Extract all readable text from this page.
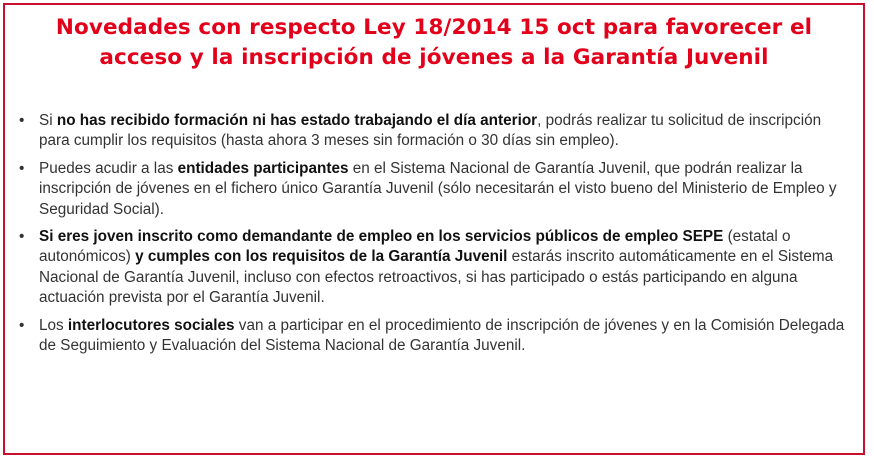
Novedades con respecto Ley 18/2014 15 oct para favorecer el
acceso y la inscripción de jóvenes a la Garantía Juvenil
• Si no has recibido formación ni has estado trabajando el día anterior, podrás realizar tu solicitud de inscripción para cumplir los requisitos (hasta ahora 3 meses sin formación o 30 días sin empleo).
• Puedes acudir a las entidades participantes en el Sistema Nacional de Garantía Juvenil, que podrán realizar la inscripción de jóvenes en el fichero único Garantía Juvenil (sólo necesitarán el visto bueno del Ministerio de Empleo y Seguridad Social).
• Si eres joven inscrito como demandante de empleo en los servicios públicos de empleo SEPE (estatal o autonómicos) y cumples con los requisitos de la Garantía Juvenil estarás inscrito automáticamente en el Sistema Nacional de Garantía Juvenil, incluso con efectos retroactivos, si has participado o estás participando en alguna actuación prevista por el Garantía Juvenil.
• Los interlocutores sociales van a participar en el procedimiento de inscripción de jóvenes y en la Comisión Delegada de Seguimiento y Evaluación del Sistema Nacional de Garantía Juvenil.
